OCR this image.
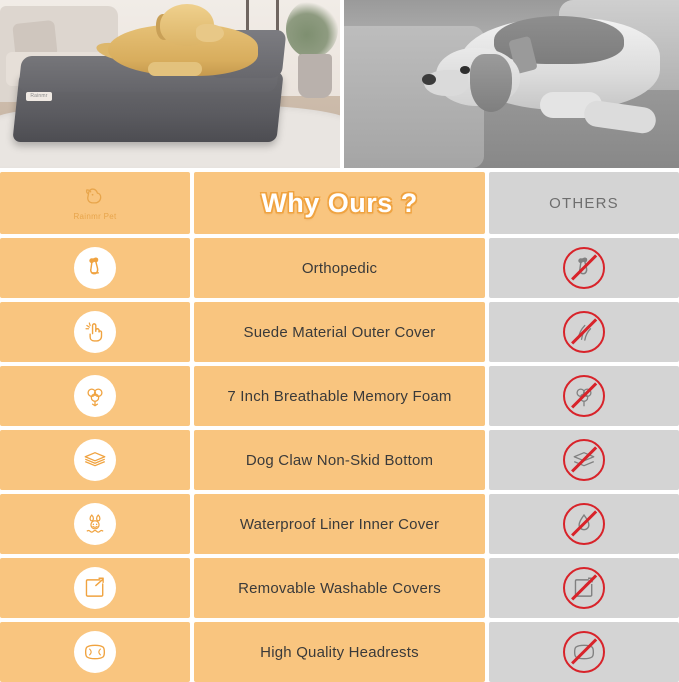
Rainmr
Rainmr Pet	Why Ours ?	OTHERS
Orthopedic
Suede Material Outer Cover
7 Inch Breathable Memory Foam
Dog Claw Non-Skid Bottom
Waterproof Liner Inner Cover
Removable Washable Covers
High Quality Headrests
